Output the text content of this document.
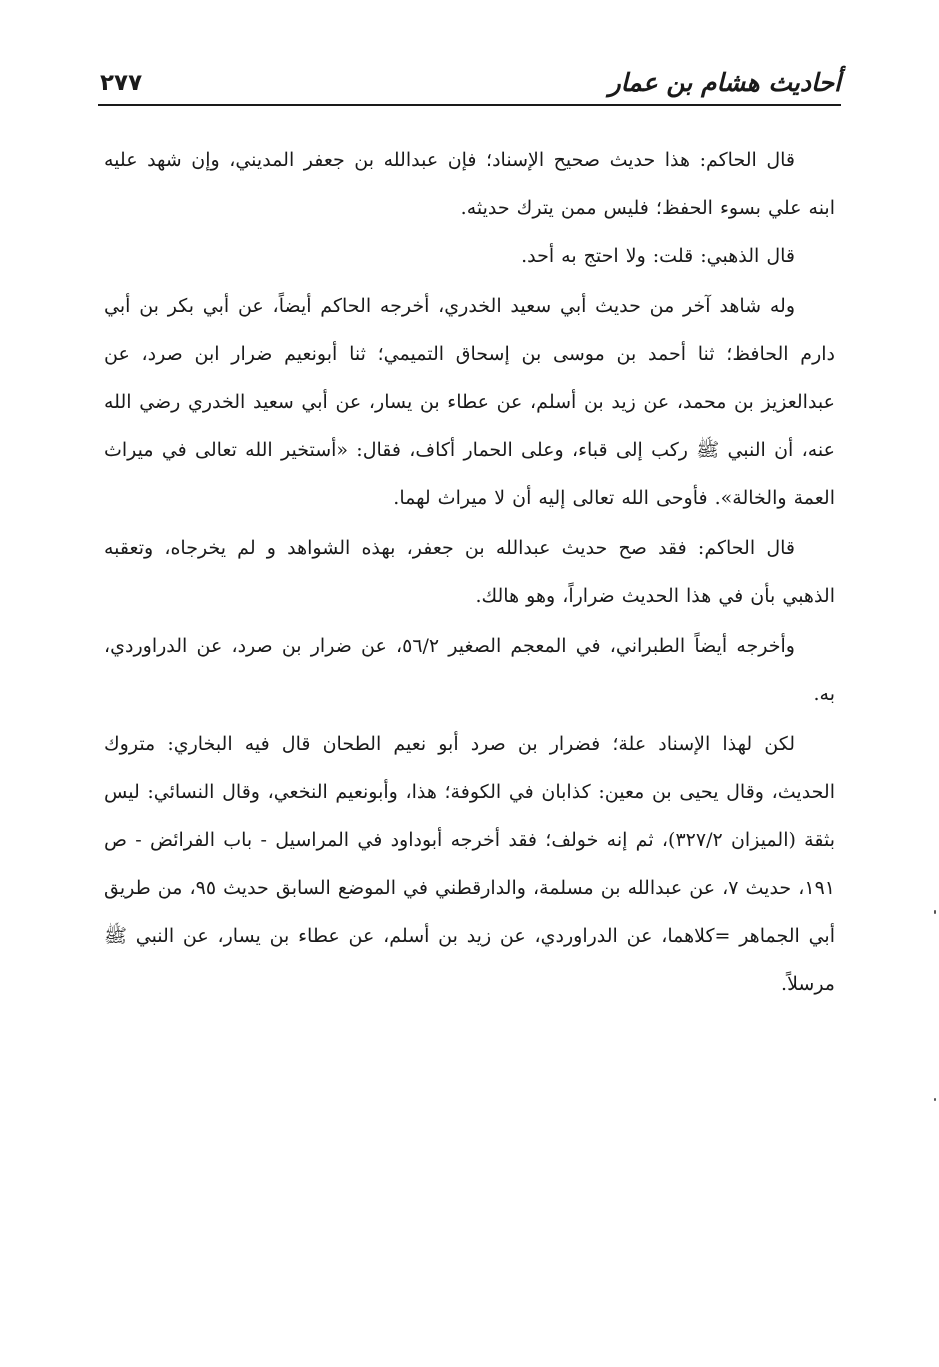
أحاديث هشام بن عمار
٢٧٧

قال الحاكم: هذا حديث صحيح الإسناد؛ فإن عبدالله بن جعفر المديني، وإن شهد عليه ابنه علي بسوء الحفظ؛ فليس ممن يترك حديثه.

قال الذهبي: قلت: ولا احتج به أحد.

وله شاهد آخر من حديث أبي سعيد الخدري، أخرجه الحاكم أيضاً، عن أبي بكر بن أبي دارم الحافظ؛ ثنا أحمد بن موسى بن إسحاق التميمي؛ ثنا أبونعيم ضرار ابن صرد، عن عبدالعزيز بن محمد، عن زيد بن أسلم، عن عطاء بن يسار، عن أبي سعيد الخدري رضي الله عنه، أن النبي ﷺ ركب إلى قباء، وعلى الحمار أكاف، فقال: «أستخير الله تعالى في ميراث العمة والخالة». فأوحى الله تعالى إليه أن لا ميراث لهما.

قال الحاكم: فقد صح حديث عبدالله بن جعفر، بهذه الشواهد و لم يخرجاه، وتعقبه الذهبي بأن في هذا الحديث ضراراً، وهو هالك.

وأخرجه أيضاً الطبراني، في المعجم الصغير ٥٦/٢، عن ضرار بن صرد، عن الدراوردي، به.

لكن لهذا الإسناد علة؛ فضرار بن صرد أبو نعيم الطحان قال فيه البخاري: متروك الحديث، وقال يحيى بن معين: كذابان في الكوفة؛ هذا، وأبونعيم النخعي، وقال النسائي: ليس بثقة (الميزان ٣٢٧/٢)، ثم إنه خولف؛ فقد أخرجه أبوداود في المراسيل - باب الفرائض - ص ١٩١، حديث ٧، عن عبدالله بن مسلمة، والدارقطني في الموضع السابق حديث ٩٥، من طريق أبي الجماهر =كلاهما، عن الدراوردي، عن زيد بن أسلم، عن عطاء بن يسار، عن النبي ﷺ مرسلاً.
